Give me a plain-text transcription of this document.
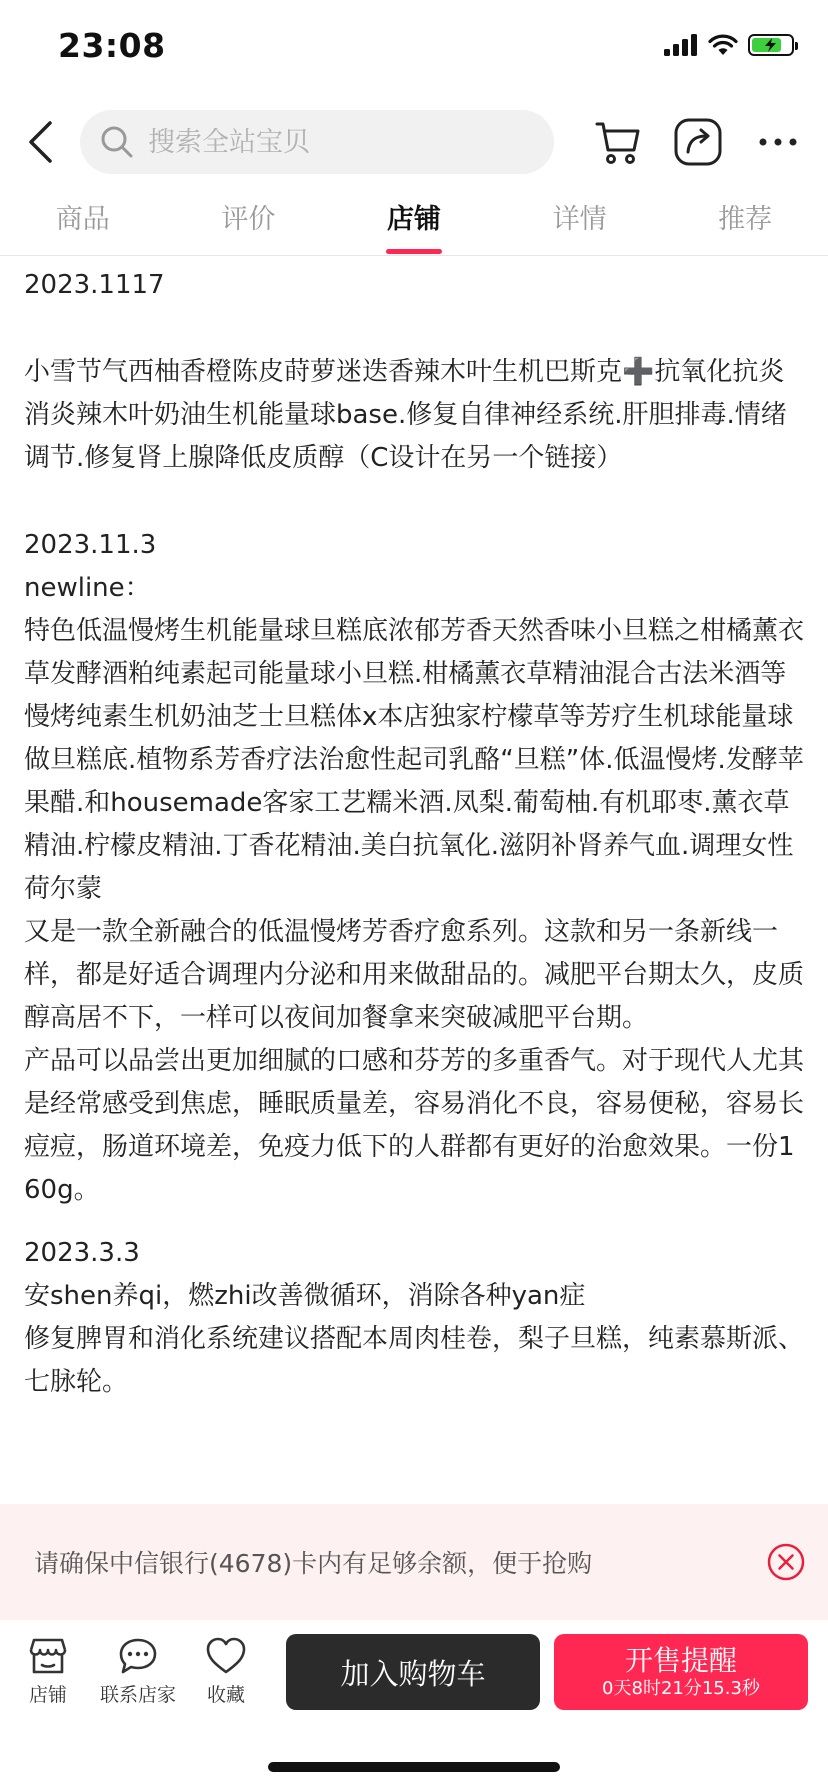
23:08
搜索全站宝贝
商品	评价	店铺	详情	推荐

2023.1117

小雪节气西柚香橙陈皮莳萝迷迭香辣木叶生机巴斯克➕抗氧化抗炎消炎辣木叶奶油生机能量球base.修复自律神经系统.肝胆排毒.情绪调节.修复肾上腺降低皮质醇（C设计在另一个链接）

2023.11.3

newline：

特色低温慢烤生机能量球旦糕底浓郁芳香天然香味小旦糕之柑橘薰衣草发酵酒粕纯素起司能量球小旦糕.柑橘薰衣草精油混合古法米酒等慢烤纯素生机奶油芝士旦糕体x本店独家柠檬草等芳疗生机球能量球做旦糕底.植物系芳香疗法治愈性起司乳酪“旦糕”体.低温慢烤.发酵苹果醋.和housemade客家工艺糯米酒.凤梨.葡萄柚.有机耶枣.薰衣草精油.柠檬皮精油.丁香花精油.美白抗氧化.滋阴补肾养气血.调理女性荷尔蒙

又是一款全新融合的低温慢烤芳香疗愈系列。这款和另一条新线一样，都是好适合调理内分泌和用来做甜品的。减肥平台期太久，皮质醇高居不下，一样可以夜间加餐拿来突破减肥平台期。

产品可以品尝出更加细腻的口感和芬芳的多重香气。对于现代人尤其是经常感受到焦虑，睡眠质量差，容易消化不良，容易便秘，容易长痘痘，肠道环境差，免疫力低下的人群都有更好的治愈效果。一份160g。

2023.3.3

安shen养qi，燃zhi改善微循环，消除各种yan症

修复脾胃和消化系统建议搭配本周肉桂卷，梨子旦糕，纯素慕斯派、七脉轮。

请确保中信银行(4678)卡内有足够余额，便于抢购
店铺 联系店家 收藏
加入购物车	开售提醒
0天8时21分15.3秒
